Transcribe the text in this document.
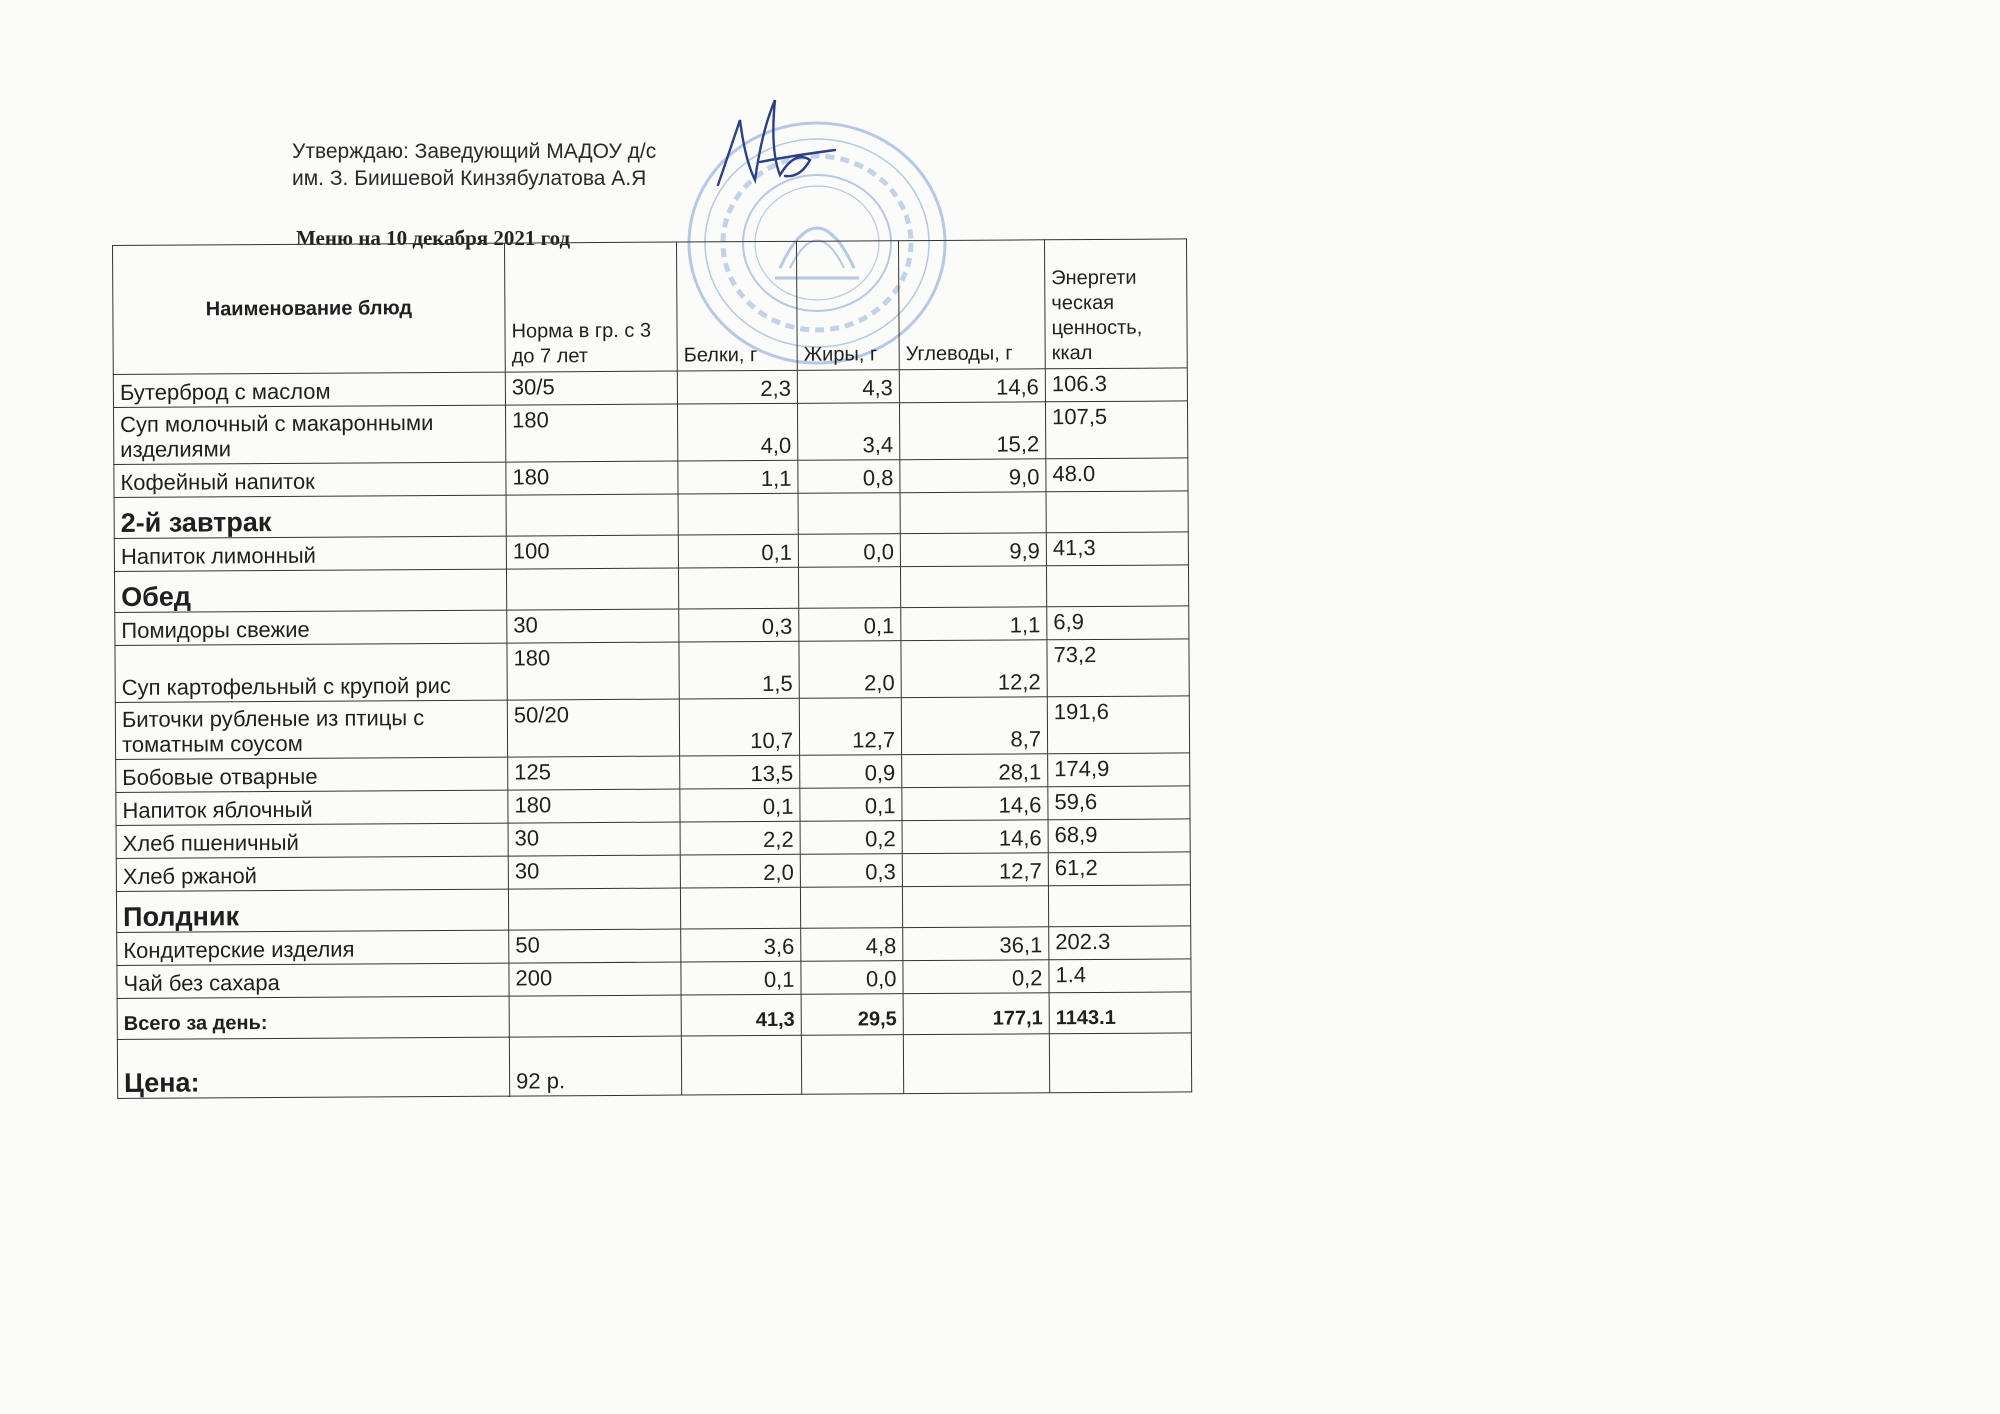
Утверждаю: Заведующий МАДОУ д/с
им. З. Биишевой Кинзябулатова А.Я
Меню на 10 декабря 2021 год
Наименование блюд	Норма в гр. с 3 до 7 лет	Белки, г	Жиры, г	Углеводы, г	Энергети ческая ценность, ккал
Бутерброд с маслом	30/5	2,3	4,3	14,6	106.3
Суп молочный с макаронными изделиями	180	4,0	3,4	15,2	107,5
Кофейный напиток	180	1,1	0,8	9,0	48.0
2-й завтрак					
Напиток лимонный	100	0,1	0,0	9,9	41,3
Обед					
Помидоры свежие	30	0,3	0,1	1,1	6,9
Суп картофельный с крупой рис	180	1,5	2,0	12,2	73,2
Биточки рубленые из птицы с томатным соусом	50/20	10,7	12,7	8,7	191,6
Бобовые отварные	125	13,5	0,9	28,1	174,9
Напиток яблочный	180	0,1	0,1	14,6	59,6
Хлеб пшеничный	30	2,2	0,2	14,6	68,9
Хлеб ржаной	30	2,0	0,3	12,7	61,2
Полдник					
Кондитерские изделия	50	3,6	4,8	36,1	202.3
Чай без сахара	200	0,1	0,0	0,2	1.4
Всего за день:		41,3	29,5	177,1	1143.1
Цена:	92 р.				
